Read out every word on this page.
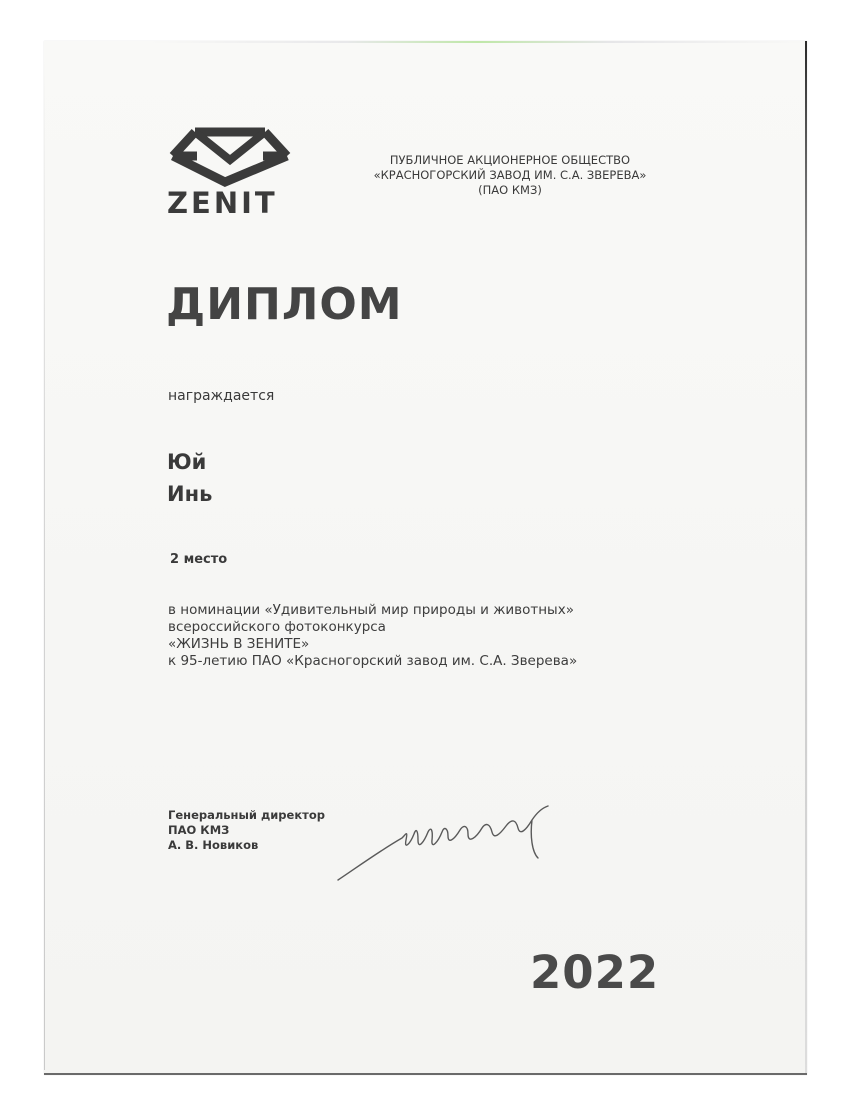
ZENIT
ПУБЛИЧНОЕ АКЦИОНЕРНОЕ ОБЩЕСТВО
«КРАСНОГОРСКИЙ ЗАВОД ИМ. С.А. ЗВЕРЕВА»
(ПАО КМЗ)
ДИПЛОМ
награждается
Юй
Инь
2 место
в номинации «Удивительный мир природы и животных»
всероссийского фотоконкурса
«ЖИЗНЬ В ЗЕНИТЕ»
к 95-летию ПАО «Красногорский завод им. С.А. Зверева»
Генеральный директор
ПАО КМЗ
А. В. Новиков
2022
